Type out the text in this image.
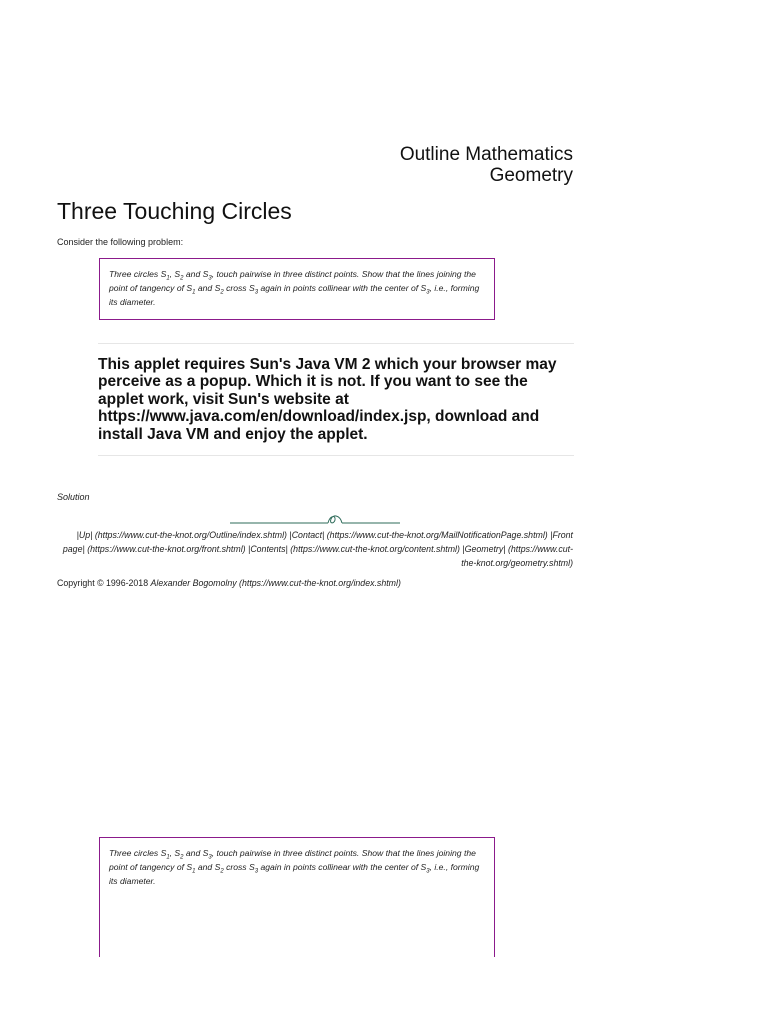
Outline Mathematics
Geometry
Three Touching Circles
Consider the following problem:
Three circles $S_1$, $S_2$ and $S_3$, touch pairwise in three distinct points. Show that the lines joining the point of tangency of $S_1$ and $S_2$ cross $S_3$ again in points collinear with the center of $S_3$, i.e., forming its diameter.
This applet requires Sun's Java VM 2 which your browser may perceive as a popup. Which it is not. If you want to see the applet work, visit Sun's website at https://www.java.com/en/download/index.jsp, download and install Java VM and enjoy the applet.
Solution
|Up| (https://www.cut-the-knot.org/Outline/index.shtml) |Contact| (https://www.cut-the-knot.org/MailNotificationPage.shtml) |Front page| (https://www.cut-the-knot.org/front.shtml) |Contents| (https://www.cut-the-knot.org/content.shtml) |Geometry| (https://www.cut-the-knot.org/geometry.shtml)
Copyright © 1996-2018 Alexander Bogomolny (https://www.cut-the-knot.org/index.shtml)
Three circles $S_1$, $S_2$ and $S_3$, touch pairwise in three distinct points. Show that the lines joining the point of tangency of $S_1$ and $S_2$ cross $S_3$ again in points collinear with the center of $S_3$, i.e., forming its diameter.
